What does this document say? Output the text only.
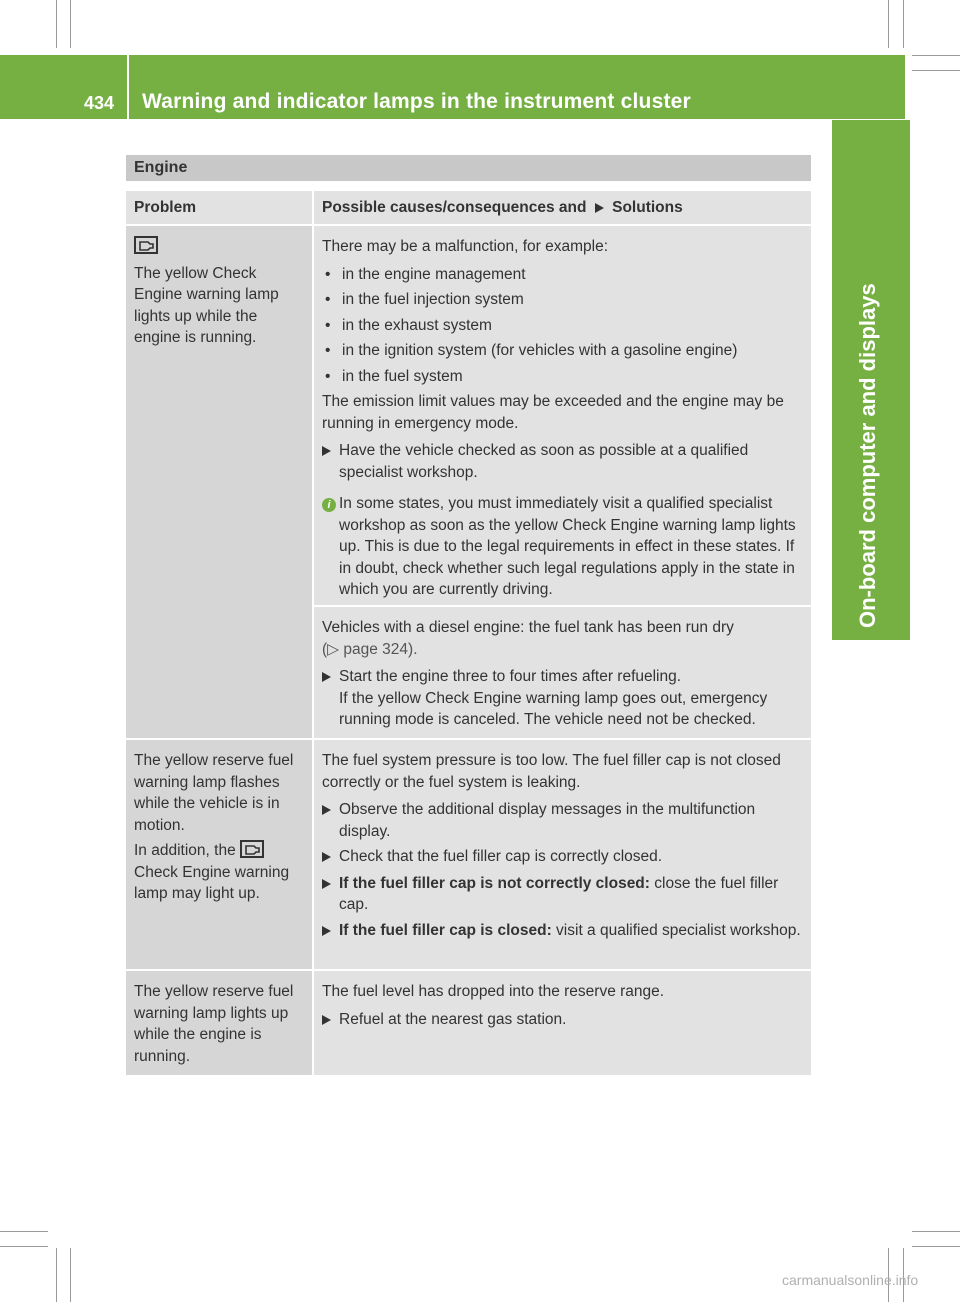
434 Warning and indicator lamps in the instrument cluster
On-board computer and displays
Engine
Problem	Possible causes/consequences and Solutions

The yellow Check Engine warning lamp lights up while the engine is running.

There may be a malfunction, for example:

• in the engine management
• in the fuel injection system
• in the exhaust system
• in the ignition system (for vehicles with a gasoline engine)
• in the fuel system

The emission limit values may be exceeded and the engine may be running in emergency mode.

Have the vehicle checked as soon as possible at a qualified specialist workshop.
i In some states, you must immediately visit a qualified specialist workshop as soon as the yellow Check Engine warning lamp lights up. This is due to the legal requirements in effect in these states. If in doubt, check whether such legal regulations apply in the state in which you are currently driving.

Vehicles with a diesel engine: the fuel tank has been run dry

(▷ page 324).

Start the engine three to four times after refueling.
If the yellow Check Engine warning lamp goes out, emergency running mode is canceled. The vehicle need not be checked.

The yellow reserve fuel warning lamp flashes while the vehicle is in motion.

In addition, the  Check Engine warning lamp may light up.

The fuel system pressure is too low. The fuel filler cap is not closed correctly or the fuel system is leaking.

Observe the additional display messages in the multifunction display.
Check that the fuel filler cap is correctly closed.
If the fuel filler cap is not correctly closed: close the fuel filler cap.
If the fuel filler cap is closed: visit a qualified specialist workshop.

The yellow reserve fuel warning lamp lights up while the engine is running.

The fuel level has dropped into the reserve range.

Refuel at the nearest gas station.
carmanualsonline.info
